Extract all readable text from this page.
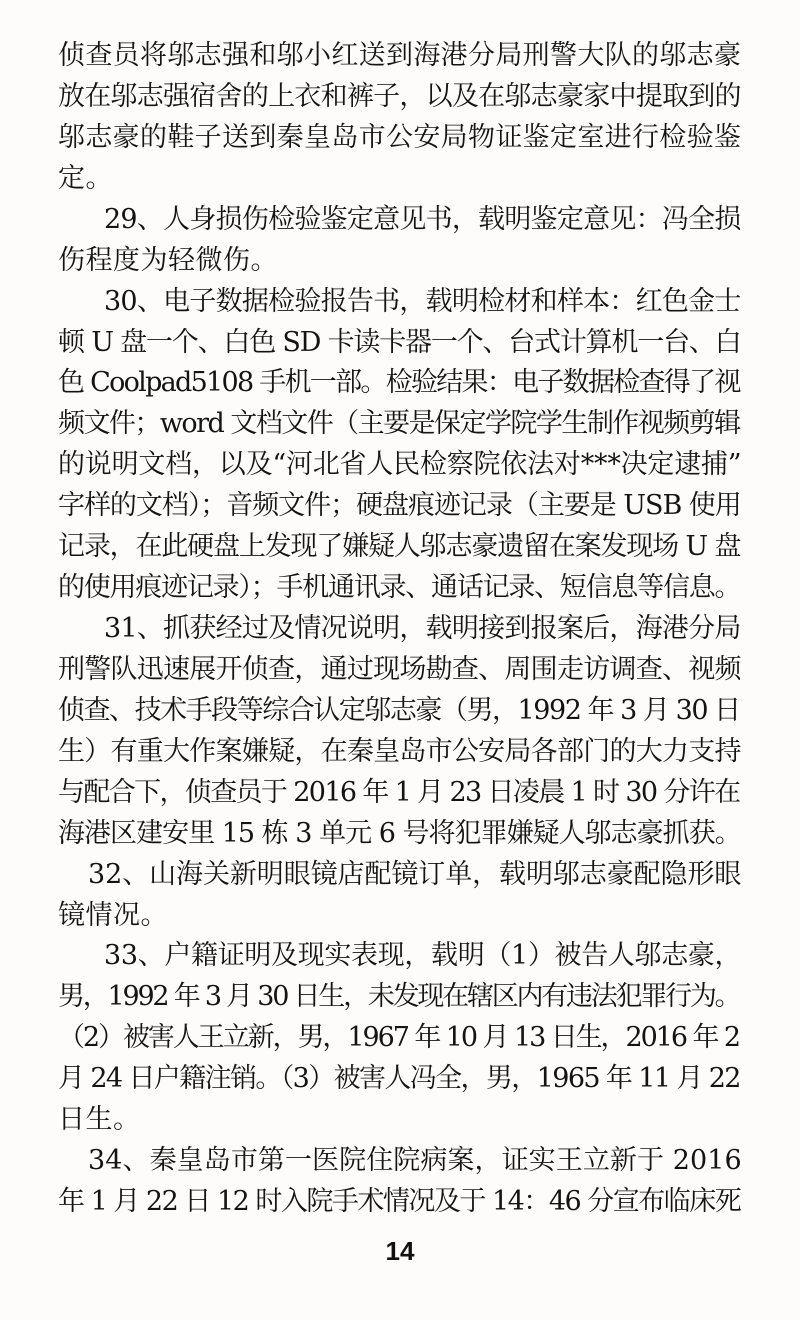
侦查员将邬志强和邬小红送到海港分局刑警大队的邬志豪
放在邬志强宿舍的上衣和裤子，以及在邬志豪家中提取到的
邬志豪的鞋子送到秦皇岛市公安局物证鉴定室进行检验鉴
定。
29、人身损伤检验鉴定意见书，载明鉴定意见：冯全损
伤程度为轻微伤。
30、电子数据检验报告书，载明检材和样本：红色金士
顿 U 盘一个、白色 SD 卡读卡器一个、台式计算机一台、白
色 Coolpad5108 手机一部。检验结果：电子数据检查得了视
频文件；word 文档文件（主要是保定学院学生制作视频剪辑
的说明文档，以及“河北省人民检察院依法对***决定逮捕”
字样的文档）；音频文件；硬盘痕迹记录（主要是 USB 使用
记录，在此硬盘上发现了嫌疑人邬志豪遗留在案发现场 U 盘
的使用痕迹记录）；手机通讯录、通话记录、短信息等信息。
31、抓获经过及情况说明，载明接到报案后，海港分局
刑警队迅速展开侦查，通过现场勘查、周围走访调查、视频
侦查、技术手段等综合认定邬志豪（男，1992 年 3 月 30 日
生）有重大作案嫌疑，在秦皇岛市公安局各部门的大力支持
与配合下，侦查员于 2016 年 1 月 23 日凌晨 1 时 30 分许在
海港区建安里 15 栋 3 单元 6 号将犯罪嫌疑人邬志豪抓获。
32、山海关新明眼镜店配镜订单，载明邬志豪配隐形眼
镜情况。
33、户籍证明及现实表现，载明（1）被告人邬志豪，
男，1992 年 3 月 30 日生，未发现在辖区内有违法犯罪行为。
（2）被害人王立新，男，1967 年 10 月 13 日生，2016 年 2
月 24 日户籍注销。（3）被害人冯全，男，1965 年 11 月 22
日生。
34、秦皇岛市第一医院住院病案，证实王立新于 2016
年 1 月 22 日 12 时入院手术情况及于 14：46 分宣布临床死
14
